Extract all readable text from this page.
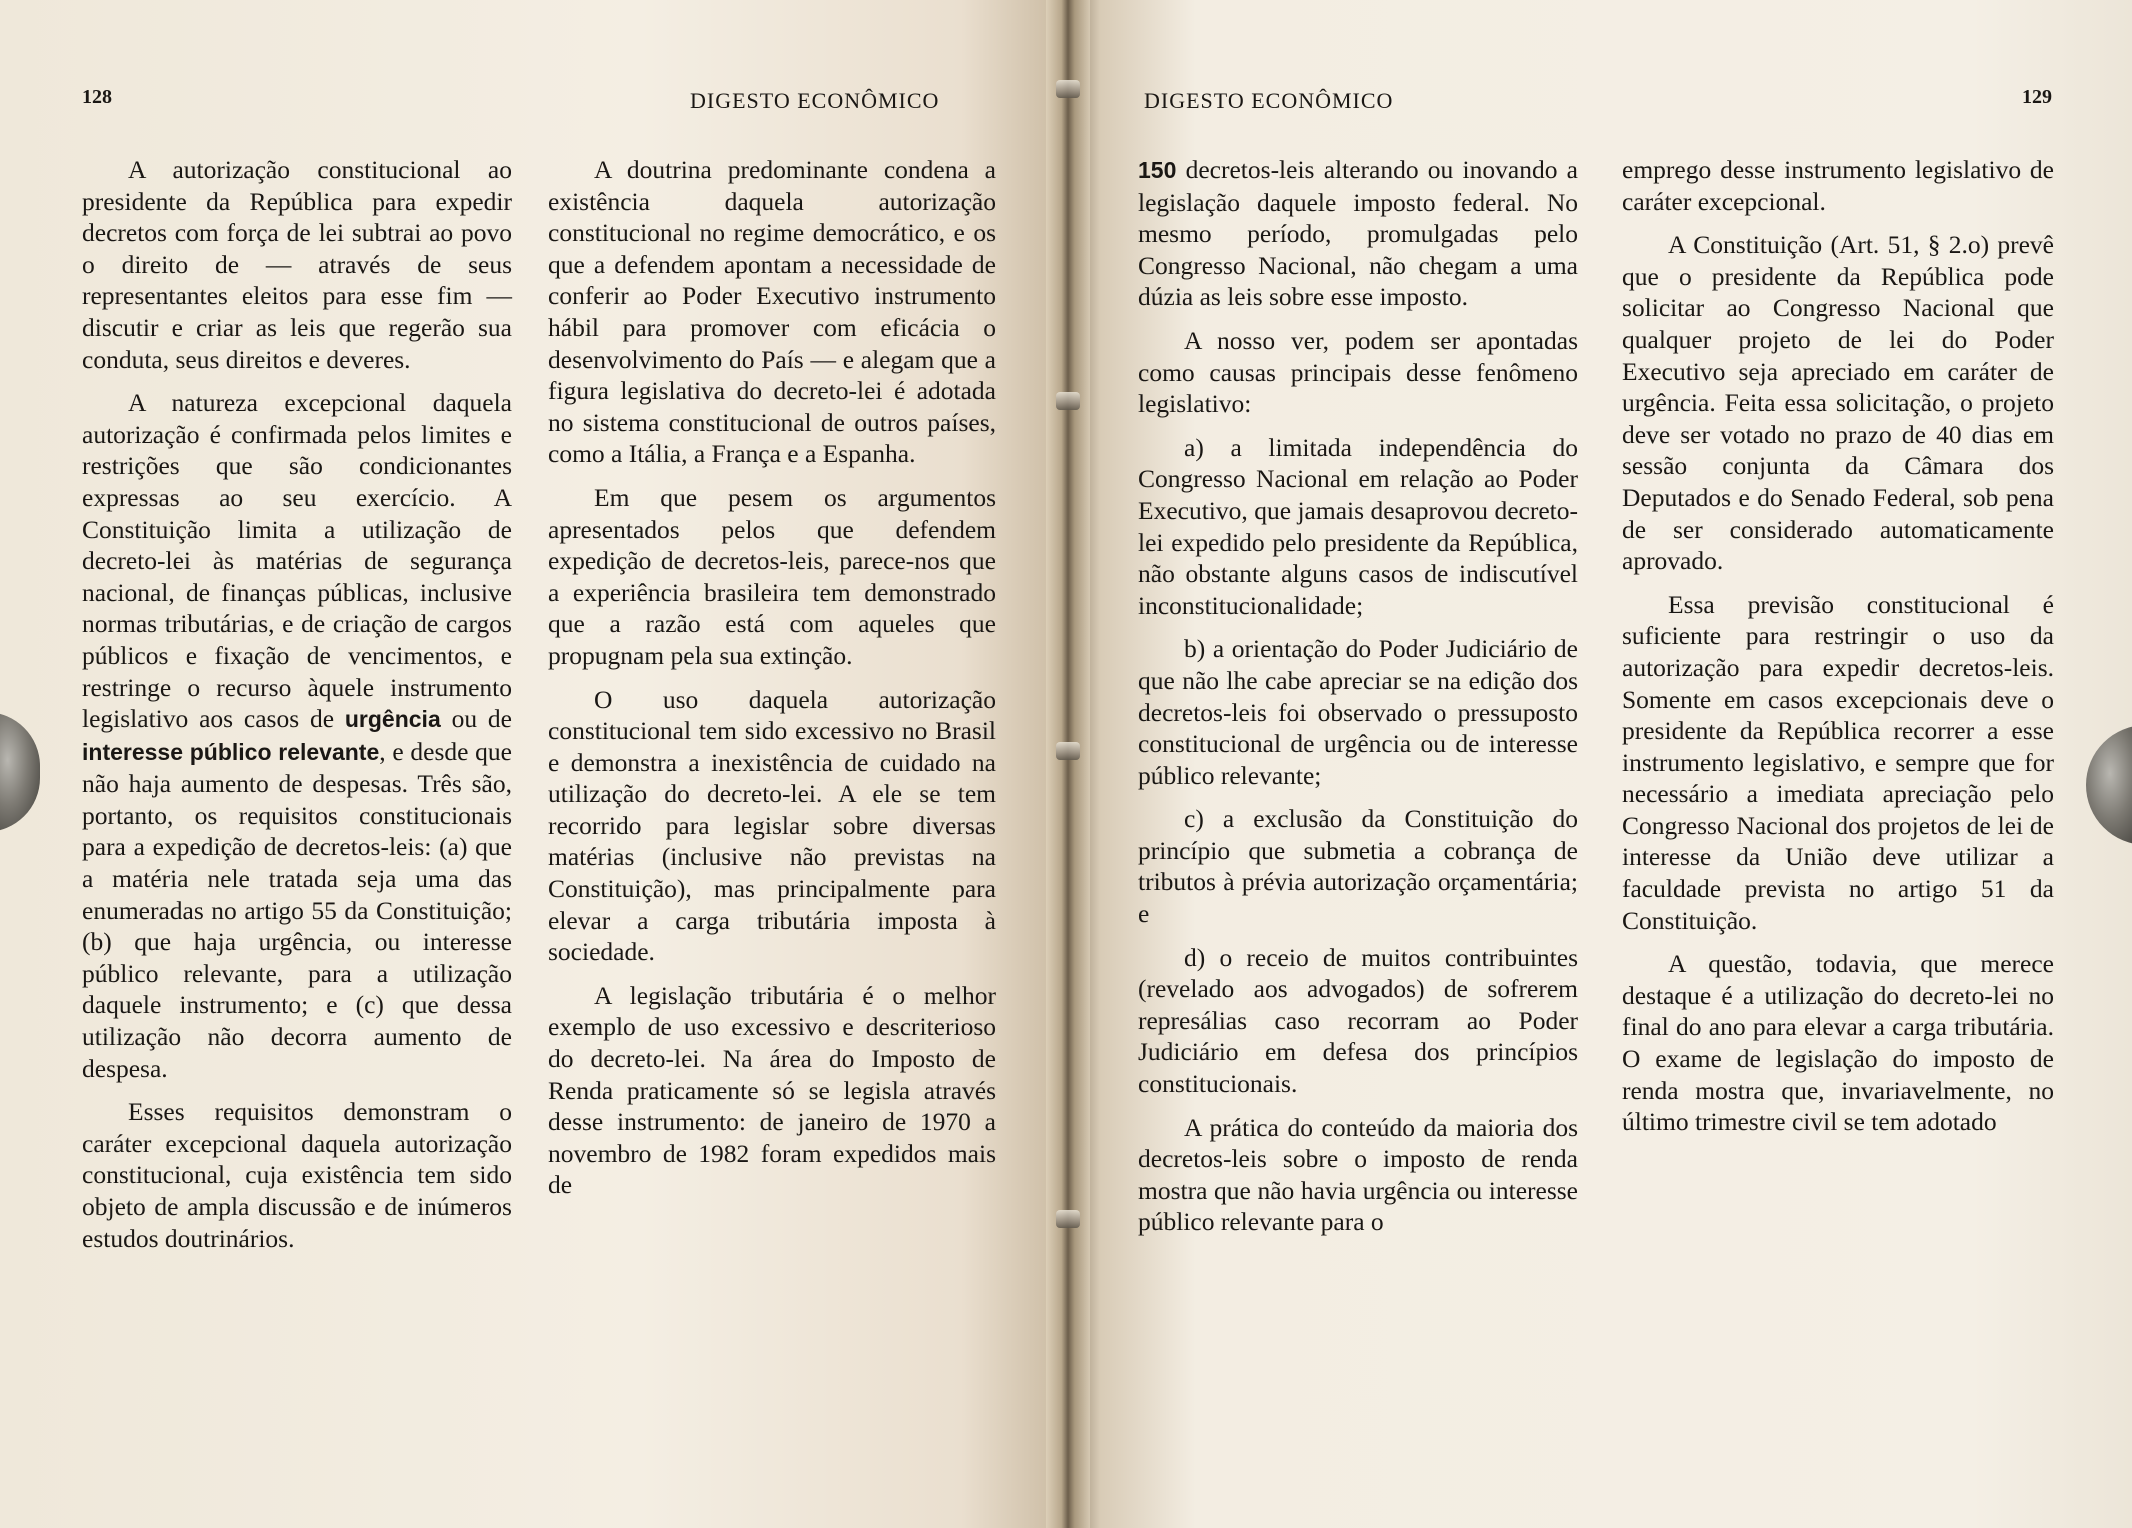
128	DIGESTO ECONÔMICO

A autorização constitucional ao presidente da República para expedir decretos com força de lei subtrai ao povo o direito de — através de seus representantes eleitos para esse fim — discutir e criar as leis que regerão sua conduta, seus direitos e deveres.

A natureza excepcional daquela autorização é confirmada pelos limites e restrições que são condicionantes expressas ao seu exercício. A Constituição limita a utilização de decreto-lei às matérias de segurança nacional, de finanças públicas, inclusive normas tributárias, e de criação de cargos públicos e fixação de vencimentos, e restringe o recurso àquele instrumento legislativo aos casos de urgência ou de interesse público relevante, e desde que não haja aumento de despesas. Três são, portanto, os requisitos constitucionais para a expedição de decretos-leis: (a) que a matéria nele tratada seja uma das enumeradas no artigo 55 da Constituição; (b) que haja urgência, ou interesse público relevante, para a utilização daquele instrumento; e (c) que dessa utilização não decorra aumento de despesa.

Esses requisitos demonstram o caráter excepcional daquela autorização constitucional, cuja existência tem sido objeto de ampla discussão e de inúmeros estudos doutrinários.

A doutrina predominante condena a existência daquela autorização constitucional no regime democrático, e os que a defendem apontam a necessidade de conferir ao Poder Executivo instrumento hábil para promover com eficácia o desenvolvimento do País — e alegam que a figura legislativa do decreto-lei é adotada no sistema constitucional de outros países, como a Itália, a França e a Espanha.

Em que pesem os argumentos apresentados pelos que defendem expedição de decretos-leis, parece-nos que a experiência brasileira tem demonstrado que a razão está com aqueles que propugnam pela sua extinção.

O uso daquela autorização constitucional tem sido excessivo no Brasil e demonstra a inexistência de cuidado na utilização do decreto-lei. A ele se tem recorrido para legislar sobre diversas matérias (inclusive não previstas na Constituição), mas principalmente para elevar a carga tributária imposta à sociedade.

A legislação tributária é o melhor exemplo de uso excessivo e descriterioso do decreto-lei. Na área do Imposto de Renda praticamente só se legisla através desse instrumento: de janeiro de 1970 a novembro de 1982 foram expedidos mais de

DIGESTO ECONÔMICO	129

150 decretos-leis alterando ou inovando a legislação daquele imposto federal. No mesmo período, promulgadas pelo Congresso Nacional, não chegam a uma dúzia as leis sobre esse imposto.

A nosso ver, podem ser apontadas como causas principais desse fenômeno legislativo:

a) a limitada independência do Congresso Nacional em relação ao Poder Executivo, que jamais desaprovou decreto-lei expedido pelo presidente da República, não obstante alguns casos de indiscutível inconstitucionalidade;

b) a orientação do Poder Judiciário de que não lhe cabe apreciar se na edição dos decretos-leis foi observado o pressuposto constitucional de urgência ou de interesse público relevante;

c) a exclusão da Constituição do princípio que submetia a cobrança de tributos à prévia autorização orçamentária; e

d) o receio de muitos contribuintes (revelado aos advogados) de sofrerem represálias caso recorram ao Poder Judiciário em defesa dos princípios constitucionais.

A prática do conteúdo da maioria dos decretos-leis sobre o imposto de renda mostra que não havia urgência ou interesse público relevante para o

emprego desse instrumento legislativo de caráter excepcional.

A Constituição (Art. 51, § 2.o) prevê que o presidente da República pode solicitar ao Congresso Nacional que qualquer projeto de lei do Poder Executivo seja apreciado em caráter de urgência. Feita essa solicitação, o projeto deve ser votado no prazo de 40 dias em sessão conjunta da Câmara dos Deputados e do Senado Federal, sob pena de ser considerado automaticamente aprovado.

Essa previsão constitucional é suficiente para restringir o uso da autorização para expedir decretos-leis. Somente em casos excepcionais deve o presidente da República recorrer a esse instrumento legislativo, e sempre que for necessário a imediata apreciação pelo Congresso Nacional dos projetos de lei de interesse da União deve utilizar a faculdade prevista no artigo 51 da Constituição.

A questão, todavia, que merece destaque é a utilização do decreto-lei no final do ano para elevar a carga tributária. O exame de legislação do imposto de renda mostra que, invariavelmente, no último trimestre civil se tem adotado
